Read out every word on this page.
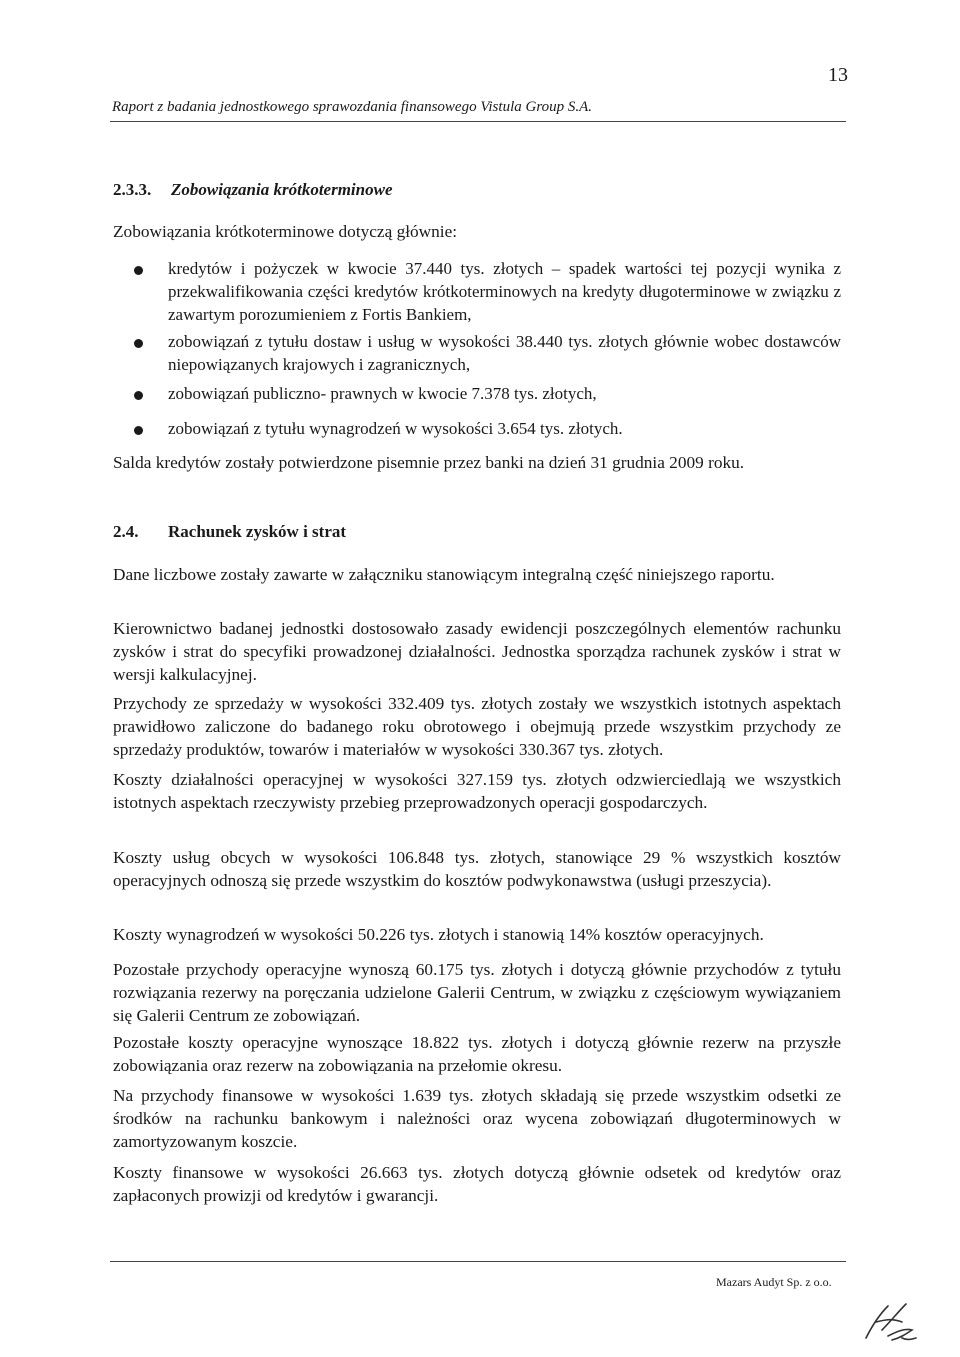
13
Raport z badania jednostkowego sprawozdania finansowego Vistula Group S.A.
2.3.3. Zobowiązania krótkoterminowe
Zobowiązania krótkoterminowe dotyczą głównie:
kredytów i pożyczek w kwocie 37.440 tys. złotych – spadek wartości tej pozycji wynika z przekwalifikowania części kredytów krótkoterminowych na kredyty długoterminowe w związku z zawartym porozumieniem z Fortis Bankiem,
zobowiązań z tytułu dostaw i usług w wysokości 38.440 tys. złotych głównie wobec dostawców niepowiązanych krajowych i zagranicznych,
zobowiązań publiczno- prawnych w kwocie 7.378 tys. złotych,
zobowiązań z tytułu wynagrodzeń w wysokości 3.654 tys. złotych.
Salda kredytów zostały potwierdzone pisemnie przez banki na dzień 31 grudnia 2009 roku.
2.4. Rachunek zysków i strat
Dane liczbowe zostały zawarte w załączniku stanowiącym integralną część niniejszego raportu.
Kierownictwo badanej jednostki dostosowało zasady ewidencji poszczególnych elementów rachunku zysków i strat do specyfiki prowadzonej działalności. Jednostka sporządza rachunek zysków i strat w wersji kalkulacyjnej.
Przychody ze sprzedaży w wysokości 332.409 tys. złotych zostały we wszystkich istotnych aspektach prawidłowo zaliczone do badanego roku obrotowego i obejmują przede wszystkim przychody ze sprzedaży produktów, towarów i materiałów w wysokości 330.367 tys. złotych.
Koszty działalności operacyjnej w wysokości 327.159 tys. złotych odzwierciedlają we wszystkich istotnych aspektach rzeczywisty przebieg przeprowadzonych operacji gospodarczych.
Koszty usług obcych w wysokości 106.848 tys. złotych, stanowiące 29 % wszystkich kosztów operacyjnych odnoszą się przede wszystkim do kosztów podwykonawstwa (usługi przeszycia).
Koszty wynagrodzeń w wysokości 50.226 tys. złotych i stanowią 14% kosztów operacyjnych.
Pozostałe przychody operacyjne wynoszą 60.175 tys. złotych i dotyczą głównie przychodów z tytułu rozwiązania rezerwy na poręczania udzielone Galerii Centrum, w związku z częściowym wywiązaniem się Galerii Centrum ze zobowiązań.
Pozostałe koszty operacyjne wynoszące 18.822 tys. złotych i dotyczą głównie rezerw na przyszłe zobowiązania oraz rezerw na zobowiązania na przełomie okresu.
Na przychody finansowe w wysokości 1.639 tys. złotych składają się przede wszystkim odsetki ze środków na rachunku bankowym i należności oraz wycena zobowiązań długoterminowych w zamortyzowanym koszcie.
Koszty finansowe w wysokości 26.663 tys. złotych dotyczą głównie odsetek od kredytów oraz zapłaconych prowizji od kredytów i gwarancji.
Mazars Audyt Sp. z o.o.
